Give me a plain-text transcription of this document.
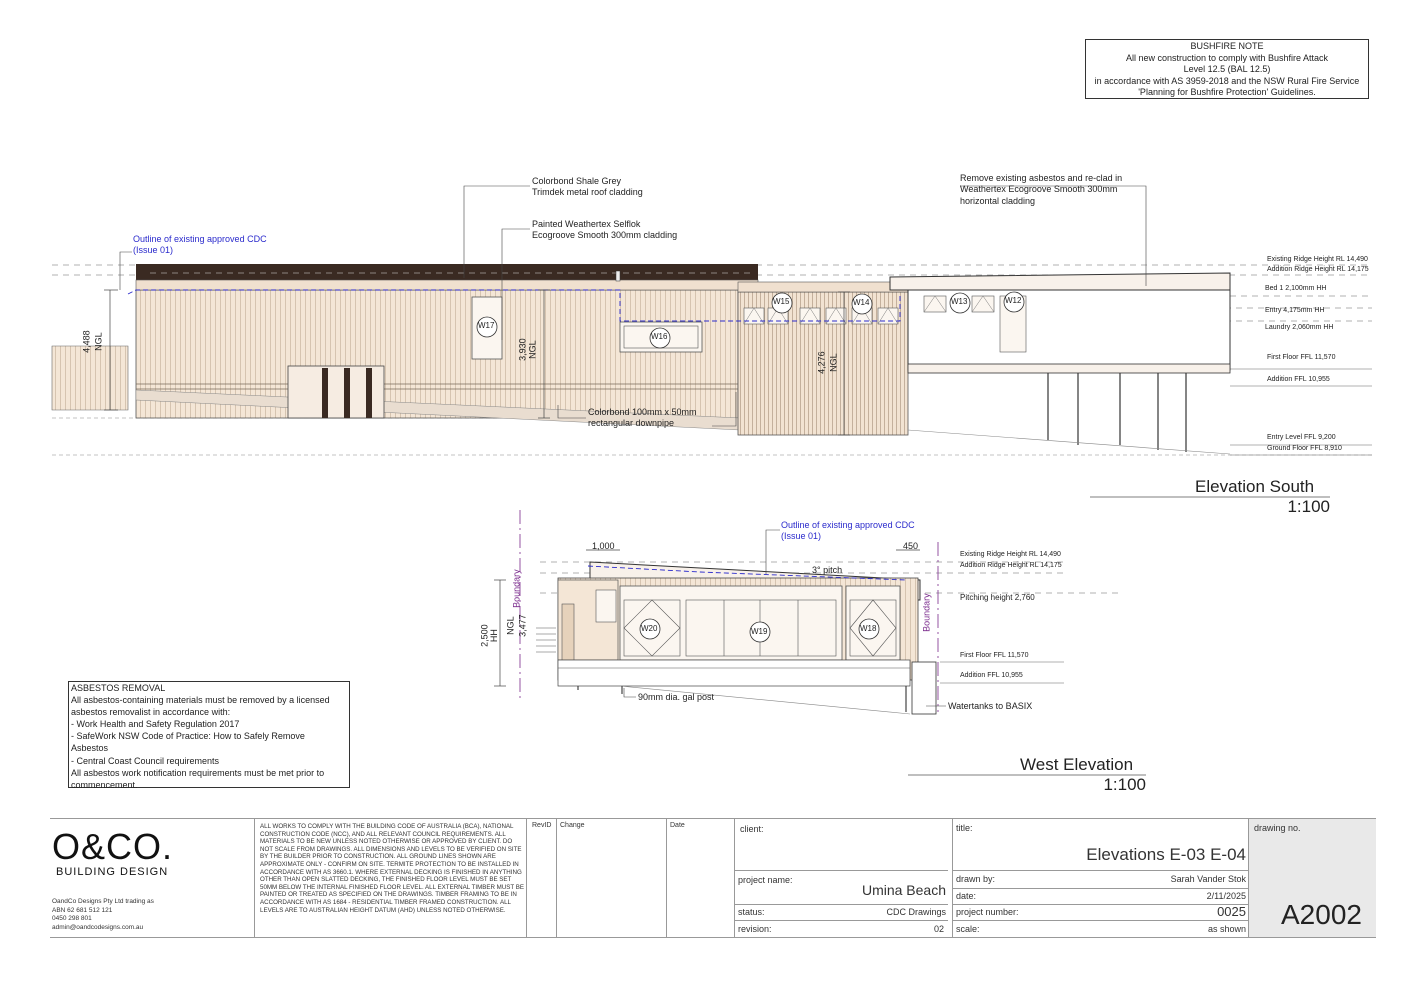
BUSHFIRE NOTE
All new construction to comply with Bushfire Attack
Level 12.5 (BAL 12.5)
in accordance with AS 3959-2018 and the NSW Rural Fire Service
'Planning for Bushfire Protection' Guidelines.
Colorbond Shale Grey
Trimdek metal roof cladding
Painted Weathertex Selflok
Ecogroove Smooth 300mm cladding
Outline of existing approved CDC
(Issue 01)
Remove existing asbestos and re-clad in
Weathertex Ecogroove Smooth 300mm
horizontal cladding
Colorbond 100mm x 50mm
rectangular downpipe
Existing Ridge Height RL 14,490
Addition Ridge Height RL 14,175
Bed 1 2,100mm HH
Entry 4,175mm HH
Laundry 2,060mm HH
First Floor FFL 11,570
Addition FFL 10,955
Entry Level FFL 9,200
Ground Floor FFL 8,910
4,488 NGL	3,930 NGL
4,276 NGL
W17
W16
W15	W14	W13	W12
Elevation South
1:100
Outline of existing approved CDC
(Issue 01)
1,000	450
3° pitch
Boundary
Boundary
90mm dia. gal post
Watertanks to BASIX
Existing Ridge Height RL 14,490
Addition Ridge Height RL 14,175
Pitching height 2,760
First Floor FFL 11,570
Addition FFL 10,955
2,500 HH
NGL 3,477	W20	W19	W18
West Elevation
1:100
ASBESTOS REMOVAL
All asbestos-containing materials must be removed by a licensed
asbestos removalist in accordance with:
- Work Health and Safety Regulation 2017
- SafeWork NSW Code of Practice: How to Safely Remove
Asbestos
- Central Coast Council requirements
All asbestos work notification requirements must be met prior to
commencement.
O&CO.
BUILDING DESIGN
OandCo Designs Pty Ltd trading as
ABN 62 681 512 121
0450 298 801
admin@oandcodesigns.com.au
ALL WORKS TO COMPLY WITH THE BUILDING CODE OF AUSTRALIA (BCA), NATIONAL CONSTRUCTION CODE (NCC), AND ALL RELEVANT COUNCIL REQUIREMENTS. ALL MATERIALS TO BE NEW UNLESS NOTED OTHERWISE OR APPROVED BY CLIENT. DO NOT SCALE FROM DRAWINGS. ALL DIMENSIONS AND LEVELS TO BE VERIFIED ON SITE BY THE BUILDER PRIOR TO CONSTRUCTION. ALL GROUND LINES SHOWN ARE APPROXIMATE ONLY - CONFIRM ON SITE. TERMITE PROTECTION TO BE INSTALLED IN ACCORDANCE WITH AS 3660.1. WHERE EXTERNAL DECKING IS FINISHED IN ANYTHING OTHER THAN OPEN SLATTED DECKING, THE FINISHED FLOOR LEVEL MUST BE SET 50MM BELOW THE INTERNAL FINISHED FLOOR LEVEL. ALL EXTERNAL TIMBER MUST BE PAINTED OR TREATED AS SPECIFIED ON THE DRAWINGS. TIMBER FRAMING TO BE IN ACCORDANCE WITH AS 1684 - RESIDENTIAL TIMBER FRAMED CONSTRUCTION. ALL LEVELS ARE TO AUSTRALIAN HEIGHT DATUM (AHD) UNLESS NOTED OTHERWISE.
RevID Change	Date	client:
project name:
Umina Beach
status:	CDC Drawings
revision:	02
title:
Elevations E-03 E-04
drawn by:	Sarah Vander Stok
date:	2/11/2025
project number:	0025
scale:	as shown
drawing no.
A2002
